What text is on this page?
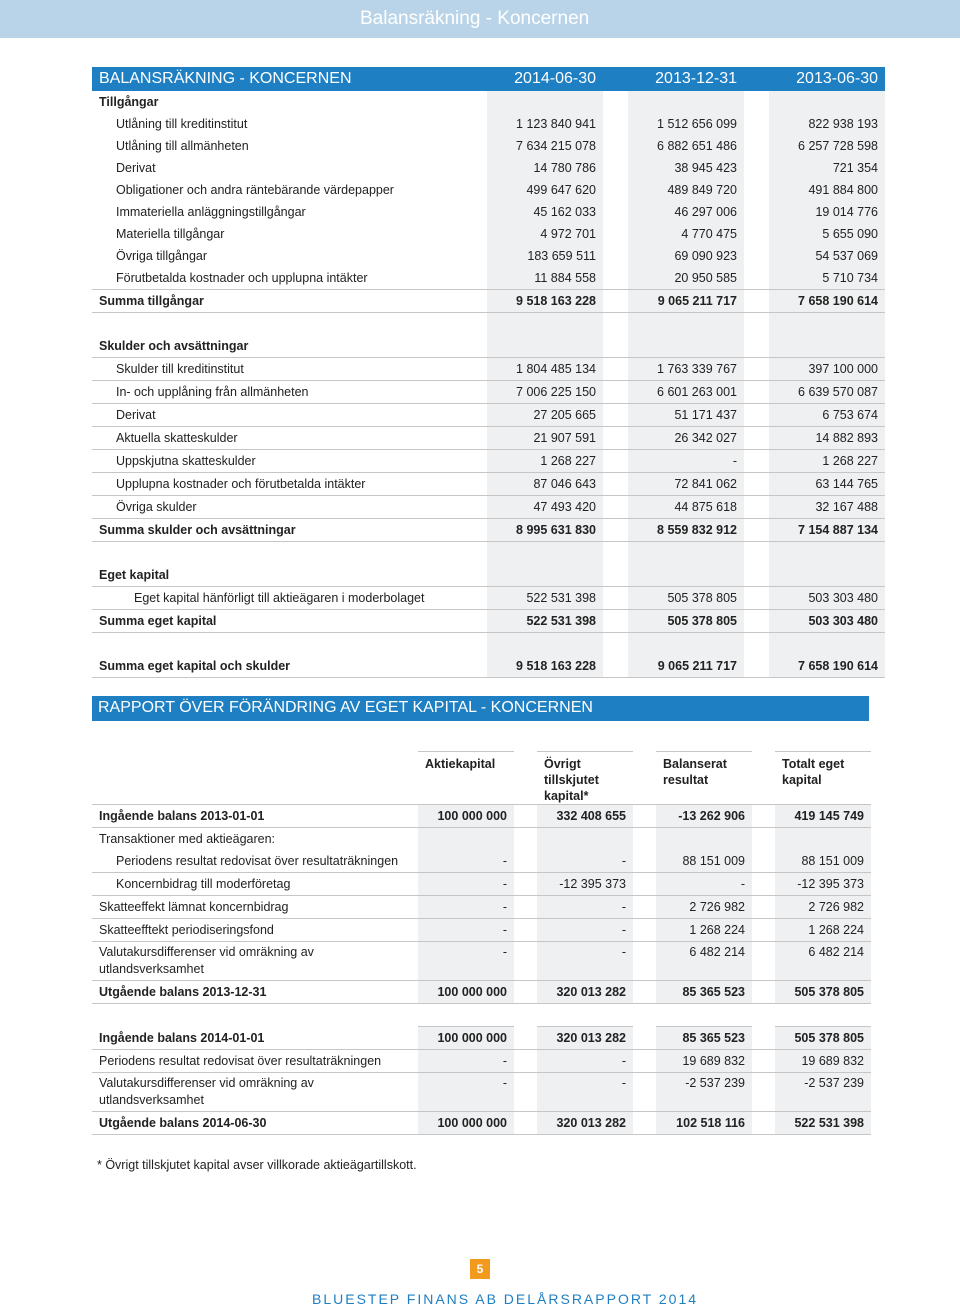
Balansräkning - Koncernen
BALANSRÄKNING - KONCERNEN		2014-06-30		2013-12-31		2013-06-30
Tillgångar						
Utlåning till kreditinstitut		1 123 840 941		1 512 656 099		822 938 193
Utlåning till allmänheten		7 634 215 078		6 882 651 486		6 257 728 598
Derivat		14 780 786		38 945 423		721 354
Obligationer och andra räntebärande värdepapper		499 647 620		489 849 720		491 884 800
Immateriella anläggningstillgångar		45 162 033		46 297 006		19 014 776
Materiella tillgångar		4 972 701		4 770 475		5 655 090
Övriga tillgångar		183 659 511		69 090 923		54 537 069
Förutbetalda kostnader och upplupna intäkter		11 884 558		20 950 585		5 710 734
Summa tillgångar		9 518 163 228		9 065 211 717		7 658 190 614

Skulder och avsättningar						
Skulder till kreditinstitut		1 804 485 134		1 763 339 767		397 100 000
In- och upplåning från allmänheten		7 006 225 150		6 601 263 001		6 639 570 087
Derivat		27 205 665		51 171 437		6 753 674
Aktuella skatteskulder		21 907 591		26 342 027		14 882 893
Uppskjutna skatteskulder		1 268 227		-		1 268 227
Upplupna kostnader och förutbetalda intäkter		87 046 643		72 841 062		63 144 765
Övriga skulder		47 493 420		44 875 618		32 167 488
Summa skulder och avsättningar		8 995 631 830		8 559 832 912		7 154 887 134

Eget kapital						
Eget kapital hänförligt till aktieägaren i moderbolaget		522 531 398		505 378 805		503 303 480
Summa eget kapital		522 531 398		505 378 805		503 303 480

Summa eget kapital och skulder		9 518 163 228		9 065 211 717		7 658 190 614
RAPPORT ÖVER FÖRÄNDRING AV EGET KAPITAL - KONCERNEN
		Aktiekapital		Övrigt tillskjutet kapital*		Balanserat resultat		Totalt eget kapital
Ingående balans 2013-01-01		100 000 000		332 408 655		-13 262 906		419 145 749
Transaktioner med aktieägaren:								
Periodens resultat redovisat över resultaträkningen		-		-		88 151 009		88 151 009
Koncernbidrag till moderföretag		-		-12 395 373		-		-12 395 373
Skatteeffekt lämnat koncernbidrag		-		-		2 726 982		2 726 982
Skatteefftekt periodiseringsfond		-		-		1 268 224		1 268 224
Valutakursdifferenser vid omräkning av utlandsverksamhet		-		-		6 482 214		6 482 214
Utgående balans 2013-12-31		100 000 000		320 013 282		85 365 523		505 378 805

Ingående balans 2014-01-01		100 000 000		320 013 282		85 365 523		505 378 805
Periodens resultat redovisat över resultaträkningen		-		-		19 689 832		19 689 832
Valutakursdifferenser vid omräkning av utlandsverksamhet		-		-		-2 537 239		-2 537 239
Utgående balans 2014-06-30		100 000 000		320 013 282		102 518 116		522 531 398
* Övrigt tillskjutet kapital avser villkorade aktieägartillskott.
5
BLUESTEP FINANS AB DELÅRSRAPPORT 2014
